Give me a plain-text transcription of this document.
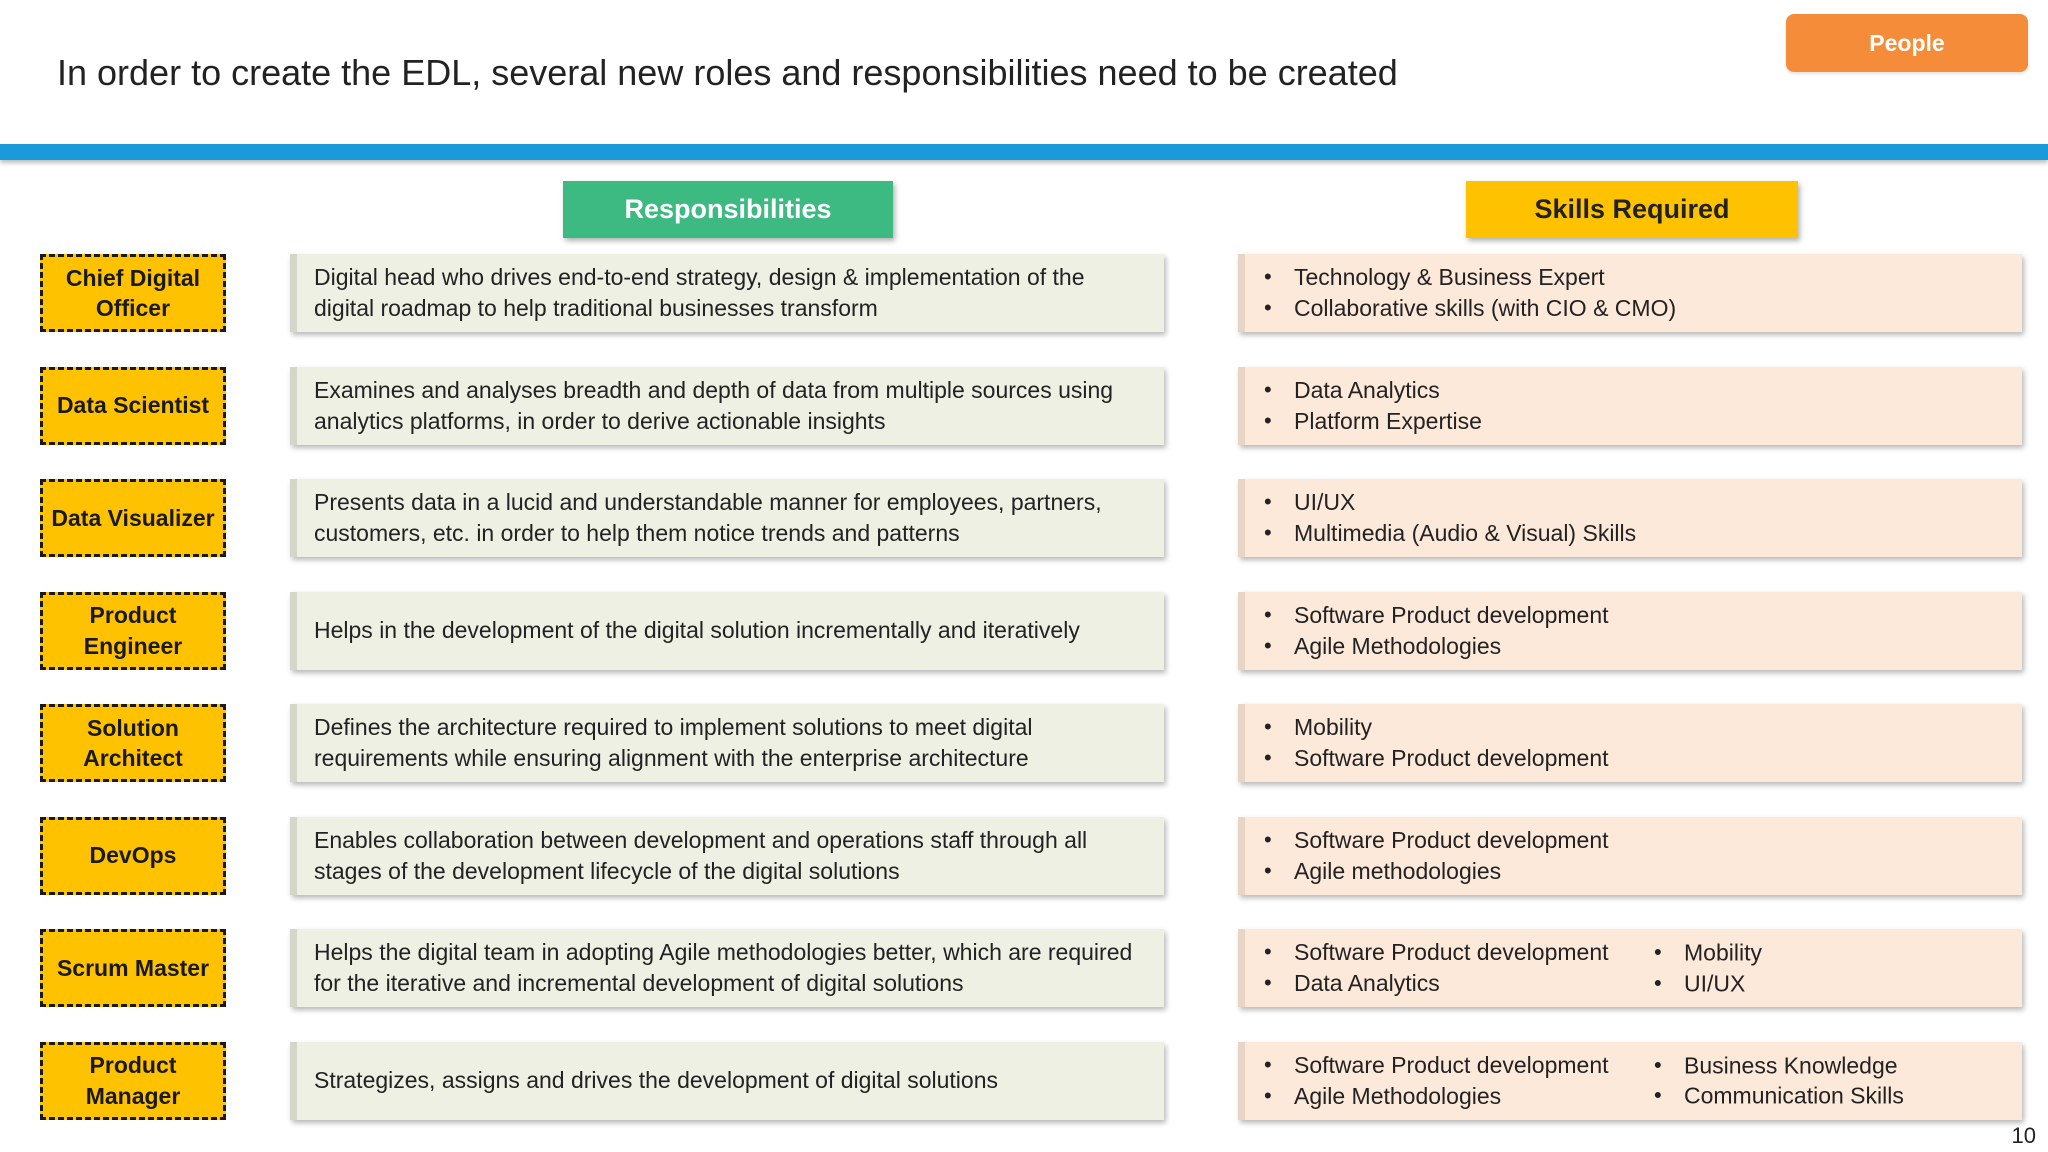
In order to create the EDL, several new roles and responsibilities need to be created
People
Responsibilities	Skills Required
Chief Digital Officer
Digital head who drives end-to-end strategy, design & implementation of the digital roadmap to help traditional businesses transform
• Technology & Business Expert
• Collaborative skills (with CIO & CMO)
Data Scientist
Examines and analyses breadth and depth of data from multiple sources using analytics platforms, in order to derive actionable insights
• Data Analytics
• Platform Expertise
Data Visualizer
Presents data in a lucid and understandable manner for employees, partners, customers, etc. in order to help them notice trends and patterns
• UI/UX
• Multimedia (Audio & Visual) Skills
Product Engineer
Helps in the development of the digital solution incrementally and iteratively
• Software Product development
• Agile Methodologies
Solution Architect
Defines the architecture required to implement solutions to meet digital requirements while ensuring alignment with the enterprise architecture
• Mobility
• Software Product development
DevOps
Enables collaboration between development and operations staff through all stages of the development lifecycle of the digital solutions
• Software Product development
• Agile methodologies
Scrum Master
Helps the digital team in adopting Agile methodologies better, which are required for the iterative and incremental development of digital solutions
• Software Product development
• Data Analytics
• Mobility
• UI/UX
Product Manager
Strategizes, assigns and drives the development of digital solutions
• Software Product development
• Agile Methodologies
• Business Knowledge
• Communication Skills
10
